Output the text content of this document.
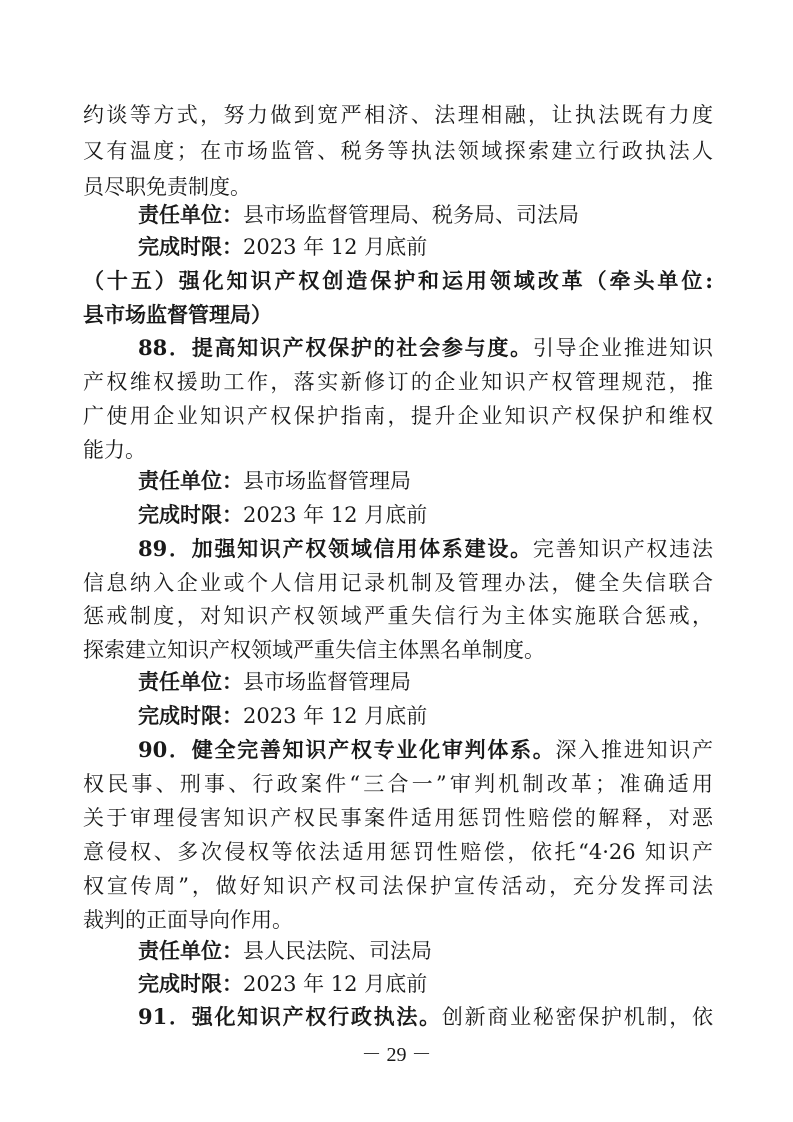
约谈等方式，努力做到宽严相济、法理相融，让执法既有力度
又有温度；在市场监管、税务等执法领域探索建立行政执法人
员尽职免责制度。
责任单位：县市场监督管理局、税务局、司法局
完成时限：2023 年 12 月底前
（十五）强化知识产权创造保护和运用领域改革（牵头单位:
县市场监督管理局）
88．提高知识产权保护的社会参与度。引导企业推进知识
产权维权援助工作，落实新修订的企业知识产权管理规范，推
广使用企业知识产权保护指南，提升企业知识产权保护和维权
能力。
责任单位：县市场监督管理局
完成时限：2023 年 12 月底前
89．加强知识产权领域信用体系建设。完善知识产权违法
信息纳入企业或个人信用记录机制及管理办法，健全失信联合
惩戒制度，对知识产权领域严重失信行为主体实施联合惩戒，
探索建立知识产权领域严重失信主体黑名单制度。
责任单位：县市场监督管理局
完成时限：2023 年 12 月底前
90．健全完善知识产权专业化审判体系。深入推进知识产
权民事、刑事、行政案件“三合一”审判机制改革；准确适用
关于审理侵害知识产权民事案件适用惩罚性赔偿的解释，对恶
意侵权、多次侵权等依法适用惩罚性赔偿，依托“4·26 知识产
权宣传周”，做好知识产权司法保护宣传活动，充分发挥司法
裁判的正面导向作用。
责任单位：县人民法院、司法局
完成时限：2023 年 12 月底前
91．强化知识产权行政执法。创新商业秘密保护机制，依
－ 29 －
